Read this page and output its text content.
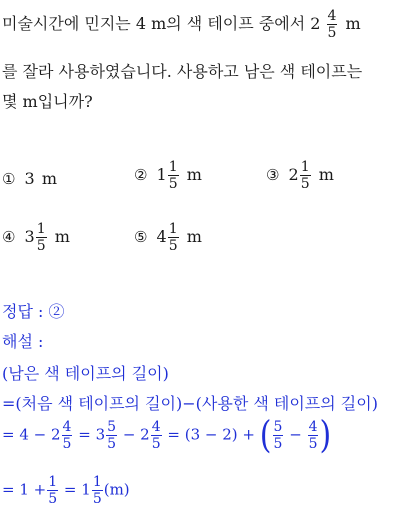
미술시간에 민지는 4 m의 색 테이프 중에서 $2 \frac{4}{5}$ m
를 잘라 사용하였습니다. 사용하고 남은 색 테이프는
몇 m입니까?
① 3 m	② $1 \frac{1}{5}$ m	③ $2 \frac{1}{5}$ m
④ $3 \frac{1}{5}$ m	⑤ $4 \frac{1}{5}$ m
정답 : ②
해설 :
(남은 색 테이프의 길이)
=(처음 색 테이프의 길이)−(사용한 색 테이프의 길이)
= $4 - 2 \frac{4}{5} = 3 \frac{5}{5} - 2 \frac{4}{5} = (3 - 2)$ + ( $\frac{5}{5} - \frac{4}{5}$ )
= $1 + \frac{1}{5} = 1 \frac{1}{5} (m)$
